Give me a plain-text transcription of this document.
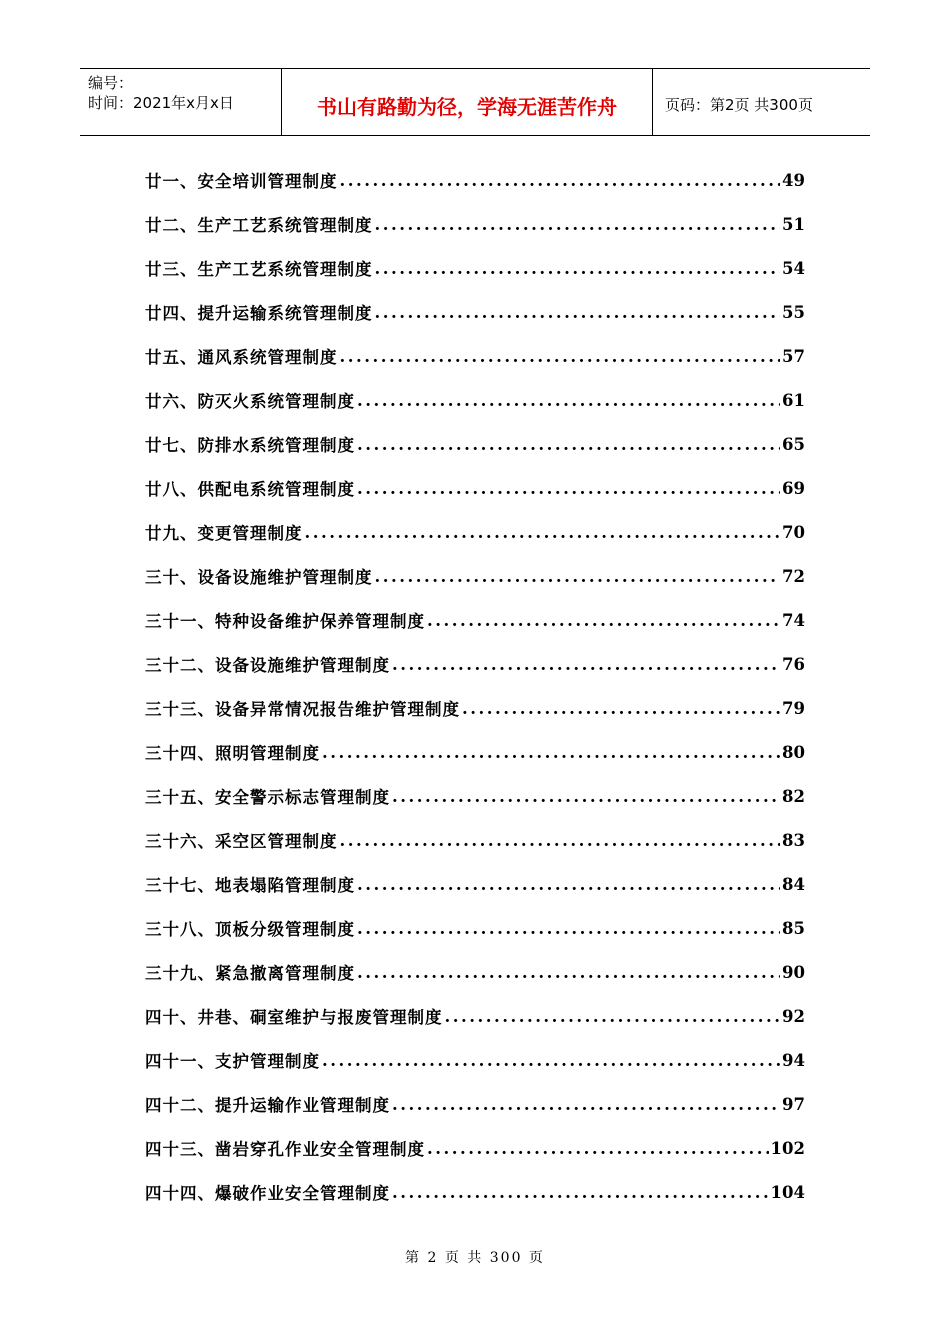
编号：
时间：2021年x月x日	书山有路勤为径，学海无涯苦作舟	页码：第2页 共300页
廿一、安全培训管理制度 .....	49
廿二、生产工艺系统管理制度 .....	51
廿三、生产工艺系统管理制度 .....	54
廿四、提升运输系统管理制度 .....	55
廿五、通风系统管理制度 .....	57
廿六、防灭火系统管理制度 .....	61
廿七、防排水系统管理制度 .....	65
廿八、供配电系统管理制度 .....	69
廿九、变更管理制度 .....	70
三十、设备设施维护管理制度 .....	72
三十一、特种设备维护保养管理制度 .....	74
三十二、设备设施维护管理制度 .....	76
三十三、设备异常情况报告维护管理制度 .....	79
三十四、照明管理制度 .....	80
三十五、安全警示标志管理制度 .....	82
三十六、采空区管理制度 .....	83
三十七、地表塌陷管理制度 .....	84
三十八、顶板分级管理制度 .....	85
三十九、紧急撤离管理制度 .....	90
四十、井巷、硐室维护与报废管理制度 .....	92
四十一、支护管理制度 .....	94
四十二、提升运输作业管理制度 .....	97
四十三、凿岩穿孔作业安全管理制度 .....	102
四十四、爆破作业安全管理制度 .....	104
第 2 页 共 300 页
